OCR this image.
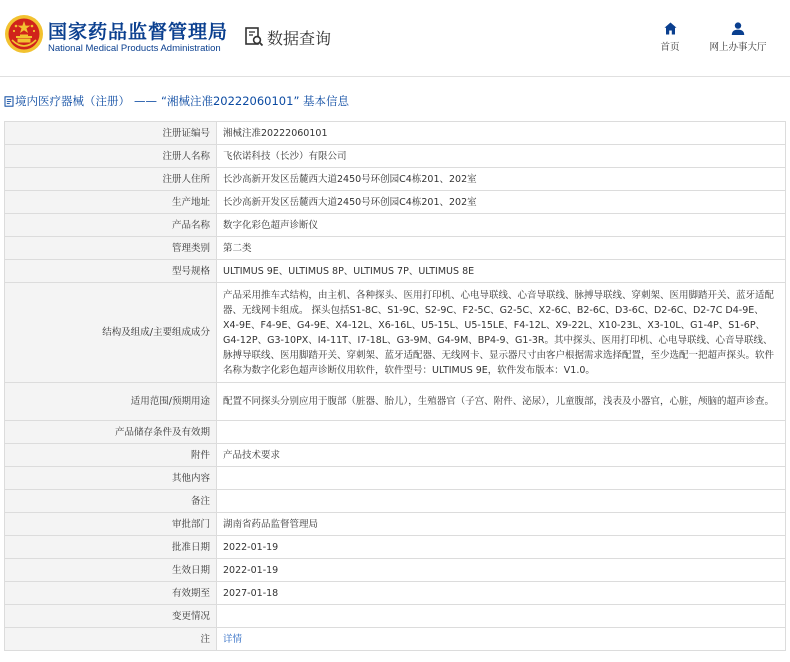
国家药品监督管理局
National Medical Products Administration
数据查询	首页	网上办事大厅
境内医疗器械（注册） —— “湘械注准20222060101” 基本信息
注册证编号	湘械注准20222060101
注册人名称	飞依诺科技（长沙）有限公司
注册人住所	长沙高新开发区岳麓西大道2450号环创园C4栋201、202室
生产地址	长沙高新开发区岳麓西大道2450号环创园C4栋201、202室
产品名称	数字化彩色超声诊断仪
管理类别	第二类
型号规格	ULTIMUS 9E、ULTIMUS 8P、ULTIMUS 7P、ULTIMUS 8E
结构及组成/主要组成成分	产品采用推车式结构，由主机、各种探头、医用打印机、心电导联线、心音导联线、脉搏导联线、穿刺架、医用脚踏开关、蓝牙适配器、无线网卡组成。 探头包括S1-8C、S1-9C、S2-9C、F2-5C、G2-5C、X2-6C、B2-6C、D3-6C、D2-6C、D2-7C D4-9E、X4-9E、F4-9E、G4-9E、X4-12L、X6-16L、U5-15L、U5-15LE、F4-12L、X9-22L、X10-23L、X3-10L、G1-4P、S1-6P、G4-12P、G3-10PX、I4-11T、I7-18L、G3-9M、G4-9M、BP4-9、G1-3R。其中探头、医用打印机、心电导联线、心音导联线、脉搏导联线、医用脚踏开关、穿刺架、蓝牙适配器、无线网卡、显示器尺寸由客户根据需求选择配置，至少选配一把超声探头。软件名称为数字化彩色超声诊断仪用软件，软件型号：ULTIMUS 9E，软件发布版本：V1.0。
适用范围/预期用途	配置不同探头分别应用于腹部（脏器、胎儿），生殖器官（子宫、附件、泌尿），儿童腹部，浅表及小器官，心脏，颅脑的超声诊查。
产品储存条件及有效期	
附件	产品技术要求
其他内容	
备注	
审批部门	湖南省药品监督管理局
批准日期	2022-01-19
生效日期	2022-01-19
有效期至	2027-01-18
变更情况	
注	详情
